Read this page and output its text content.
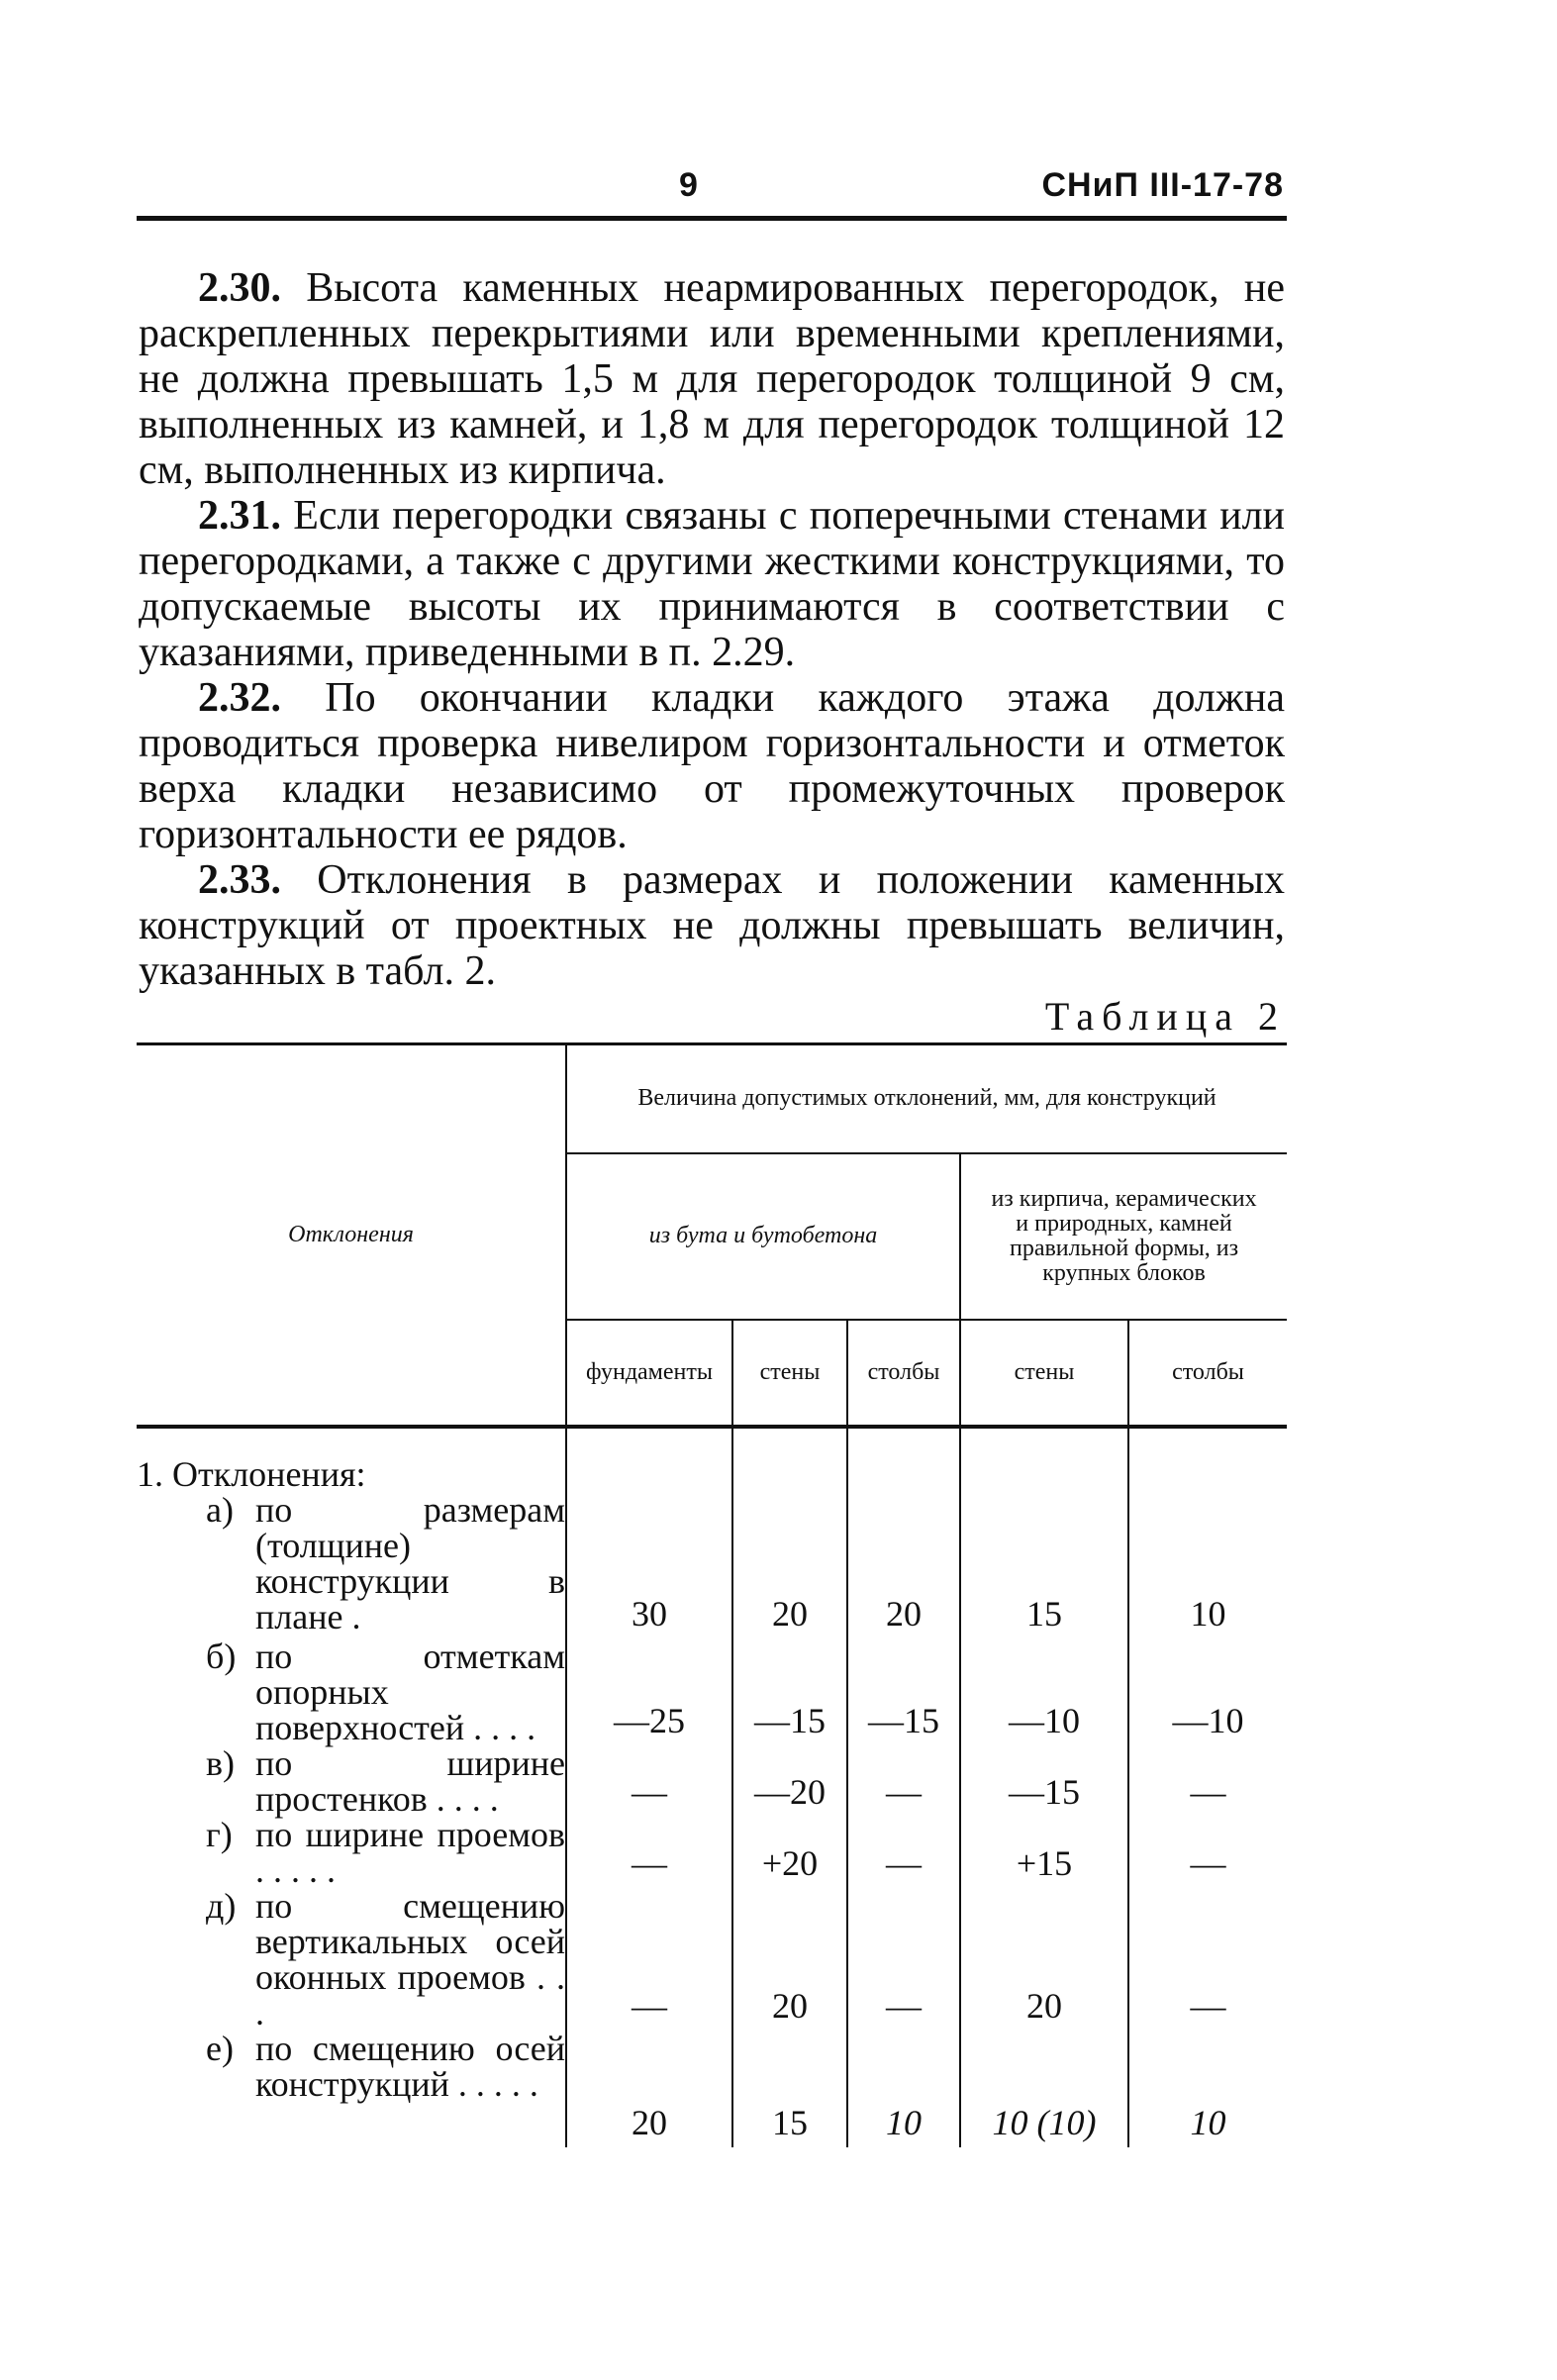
9	СНиП III-17-78

2.30. Высота каменных неармированных перегородок, не раскрепленных перекрытиями или временными креплениями, не должна превышать 1,5 м для перегородок толщиной 9 см, выполненных из камней, и 1,8 м для перегородок толщиной 12 см, выполненных из кирпича.

2.31. Если перегородки связаны с поперечными стенами или перегородками, а также с другими жесткими конструкциями, то допускаемые высоты их принимаются в соответствии с указаниями, приведенными в п. 2.29.

2.32. По окончании кладки каждого этажа должна проводиться проверка нивелиром горизонтальности и отметок верха кладки независимо от промежуточных проверок горизонтальности ее рядов.

2.33. Отклонения в размерах и положении каменных конструкций от проектных не должны превышать величин, указанных в табл. 2.

Таблица 2
Отклонения	Величина допустимых отклонений, мм, для конструкций				
	из бута и бутобетона			из кирпича, керамических и природных, камней правильной формы, из крупных блоков	
	фундаменты	стены	столбы	стены	столбы
1. Отклонения:					

а) по размерам (толщине) конструкции в плане .	30	20	20	15	10

б) по отметкам опорных поверхностей . . . .	—25	—15	—15	—10	—10

в) по ширине простенков . . . .	—	—20	—	—15	—

г) по ширине проемов . . . . .	—	+20	—	+15	—

д) по смещению вертикальных осей оконных проемов . . .	—	20	—	20	—

е) по смещению осей конструкций . . . . .	20	15	10	10 (10)	10
